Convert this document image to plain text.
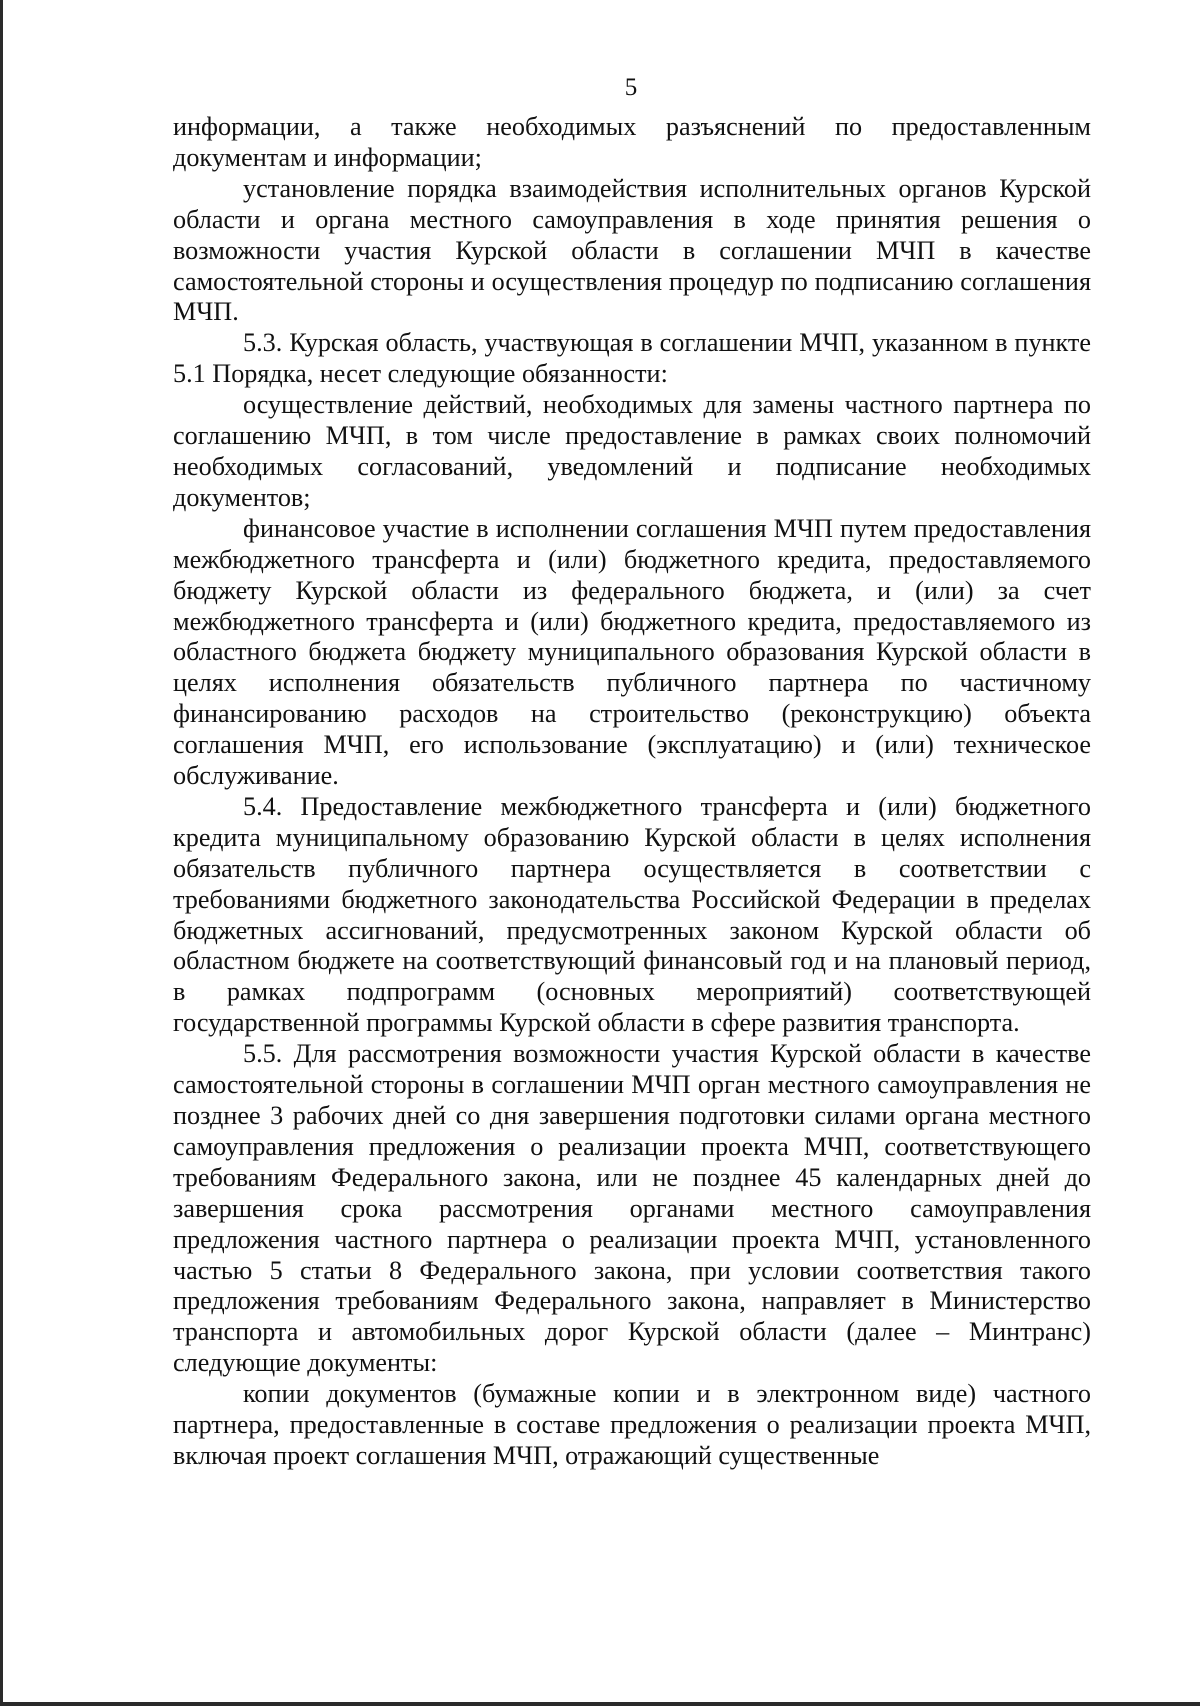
5

информации, а также необходимых разъяснений по предоставленным документам и информации;

установление порядка взаимодействия исполнительных органов Курской области и органа местного самоуправления в ходе принятия решения о возможности участия Курской области в соглашении МЧП в качестве самостоятельной стороны и осуществления процедур по подписанию соглашения МЧП.

5.3. Курская область, участвующая в соглашении МЧП, указанном в пункте 5.1 Порядка, несет следующие обязанности:

осуществление действий, необходимых для замены частного партнера по соглашению МЧП, в том числе предоставление в рамках своих полномочий необходимых согласований, уведомлений и подписание необходимых документов;

финансовое участие в исполнении соглашения МЧП путем предоставления межбюджетного трансферта и (или) бюджетного кредита, предоставляемого бюджету Курской области из федерального бюджета, и (или) за счет межбюджетного трансферта и (или) бюджетного кредита, предоставляемого из областного бюджета бюджету муниципального образования Курской области в целях исполнения обязательств публичного партнера по частичному финансированию расходов на строительство (реконструкцию) объекта соглашения МЧП, его использование (эксплуатацию) и (или) техническое обслуживание.

5.4. Предоставление межбюджетного трансферта и (или) бюджетного кредита муниципальному образованию Курской области в целях исполнения обязательств публичного партнера осуществляется в соответствии с требованиями бюджетного законодательства Российской Федерации в пределах бюджетных ассигнований, предусмотренных законом Курской области об областном бюджете на соответствующий финансовый год и на плановый период, в рамках подпрограмм (основных мероприятий) соответствующей государственной программы Курской области в сфере развития транспорта.

5.5. Для рассмотрения возможности участия Курской области в качестве самостоятельной стороны в соглашении МЧП орган местного самоуправления не позднее 3 рабочих дней со дня завершения подготовки силами органа местного самоуправления предложения о реализации проекта МЧП, соответствующего требованиям Федерального закона, или не позднее 45 календарных дней до завершения срока рассмотрения органами местного самоуправления предложения частного партнера о реализации проекта МЧП, установленного частью 5 статьи 8 Федерального закона, при условии соответствия такого предложения требованиям Федерального закона, направляет в Министерство транспорта и автомобильных дорог Курской области (далее – Минтранс) следующие документы:

копии документов (бумажные копии и в электронном виде) частного партнера, предоставленные в составе предложения о реализации проекта МЧП, включая проект соглашения МЧП, отражающий существенные
